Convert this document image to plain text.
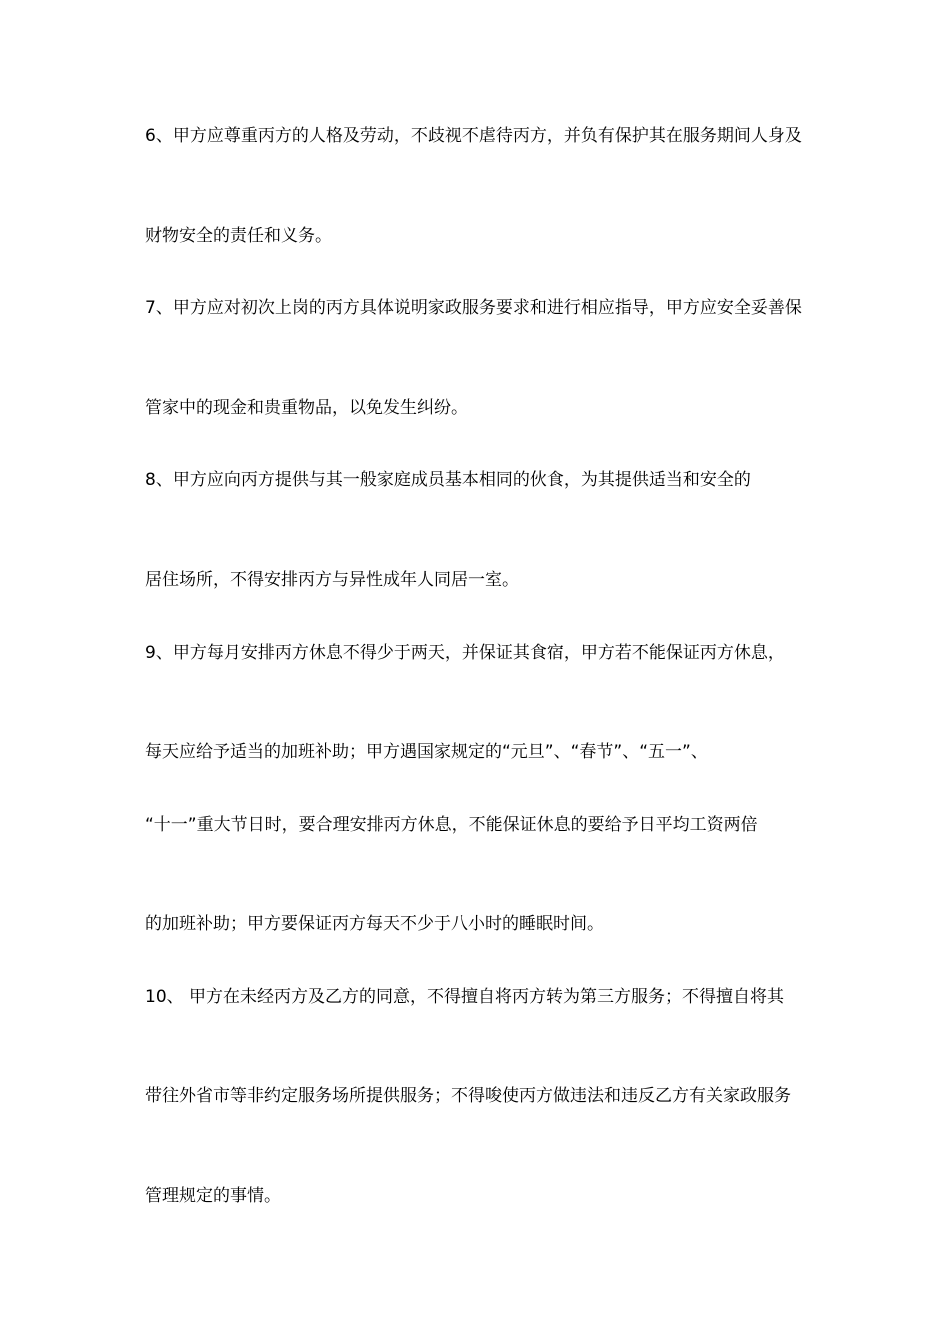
6、甲方应尊重丙方的人格及劳动，不歧视不虐待丙方，并负有保护其在服务期间人身及

财物安全的责任和义务。

7、甲方应对初次上岗的丙方具体说明家政服务要求和进行相应指导，甲方应安全妥善保

管家中的现金和贵重物品，以免发生纠纷。

8、甲方应向丙方提供与其一般家庭成员基本相同的伙食，为其提供适当和安全的

居住场所，不得安排丙方与异性成年人同居一室。

9、甲方每月安排丙方休息不得少于两天，并保证其食宿，甲方若不能保证丙方休息，

每天应给予适当的加班补助；甲方遇国家规定的“元旦”、“春节”、“五一”、

“十一”重大节日时，要合理安排丙方休息，不能保证休息的要给予日平均工资两倍

的加班补助；甲方要保证丙方每天不少于八小时的睡眠时间。

10、 甲方在未经丙方及乙方的同意，不得擅自将丙方转为第三方服务；不得擅自将其

带往外省市等非约定服务场所提供服务；不得唆使丙方做违法和违反乙方有关家政服务

管理规定的事情。
